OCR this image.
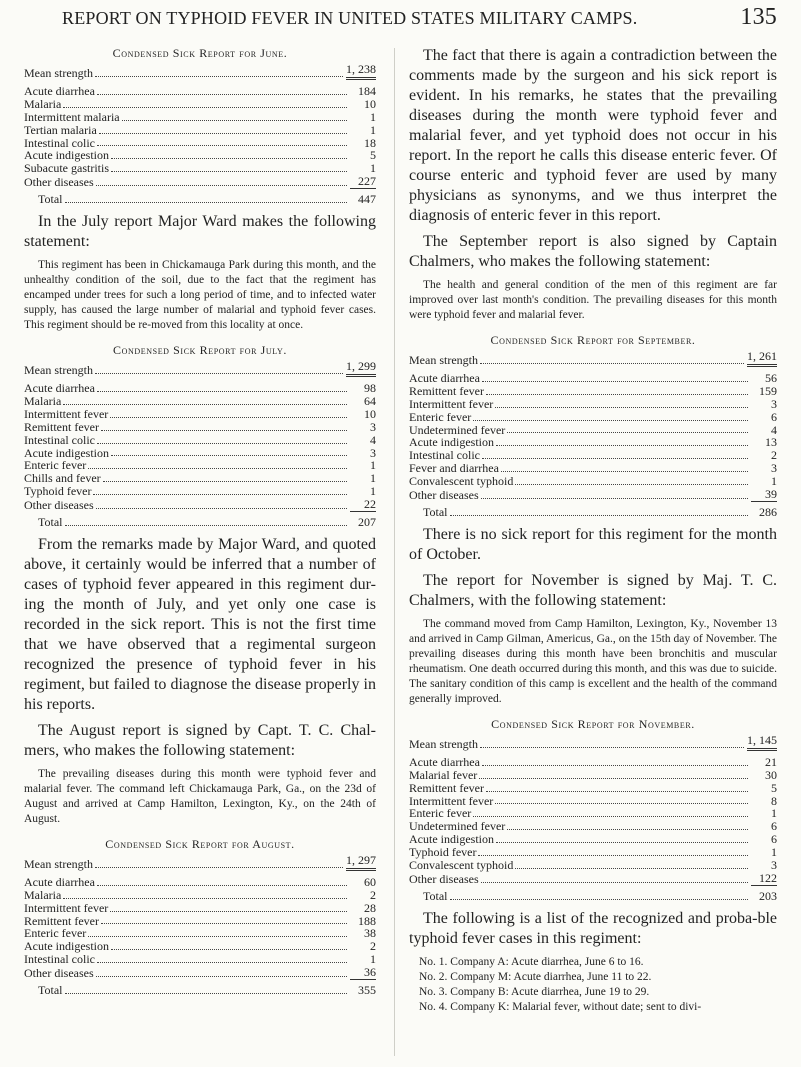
REPORT ON TYPHOID FEVER IN UNITED STATES MILITARY CAMPS.	135
Condensed Sick Report for June.
Mean strength	1, 238
Acute diarrhea	184
Malaria	10
Intermittent malaria	1
Tertian malaria	1
Intestinal colic	18
Acute indigestion	5
Subacute gastritis	1
Other diseases	227
Total	447

In the July report Major Ward makes the following statement:

This regiment has been in Chickamauga Park during this month, and the unhealthy condition of the soil, due to the fact that the regiment has encamped under trees for such a long period of time, and to infected water supply, has caused the large number of malarial and typhoid fever cases. This regiment should be re-moved from this locality at once.

Condensed Sick Report for July.
Mean strength	1, 299
Acute diarrhea	98
Malaria	64
Intermittent fever	10
Remittent fever	3
Intestinal colic	4
Acute indigestion	3
Enteric fever	1
Chills and fever	1
Typhoid fever	1
Other diseases	22
Total	207

From the remarks made by Major Ward, and quoted above, it certainly would be inferred that a number of cases of typhoid fever appeared in this regiment dur-ing the month of July, and yet only one case is recorded in the sick report. This is not the first time that we have observed that a regimental surgeon recognized the presence of typhoid fever in his regiment, but failed to diagnose the disease properly in his reports.

The August report is signed by Capt. T. C. Chal-mers, who makes the following statement:

The prevailing diseases during this month were typhoid fever and malarial fever. The command left Chickamauga Park, Ga., on the 23d of August and arrived at Camp Hamilton, Lexington, Ky., on the 24th of August.

Condensed Sick Report for August.
Mean strength	1, 297
Acute diarrhea	60
Malaria	2
Intermittent fever	28
Remittent fever	188
Enteric fever	38
Acute indigestion	2
Intestinal colic	1
Other diseases	36
Total	355

The fact that there is again a contradiction between the comments made by the surgeon and his sick report is evident. In his remarks, he states that the prevailing diseases during the month were typhoid fever and malarial fever, and yet typhoid does not occur in his report. In the report he calls this disease enteric fever. Of course enteric and typhoid fever are used by many physicians as synonyms, and we thus interpret the diagnosis of enteric fever in this report.

The September report is also signed by Captain Chalmers, who makes the following statement:

The health and general condition of the men of this regiment are far improved over last month's condition. The prevailing diseases for this month were typhoid fever and malarial fever.

Condensed Sick Report for September.
Mean strength	1, 261
Acute diarrhea	56
Remittent fever	159
Intermittent fever	3
Enteric fever	6
Undetermined fever	4
Acute indigestion	13
Intestinal colic	2
Fever and diarrhea	3
Convalescent typhoid	1
Other diseases	39
Total	286

There is no sick report for this regiment for the month of October.

The report for November is signed by Maj. T. C. Chalmers, with the following statement:

The command moved from Camp Hamilton, Lexington, Ky., November 13 and arrived in Camp Gilman, Americus, Ga., on the 15th day of November. The prevailing diseases during this month have been bronchitis and muscular rheumatism. One death occurred during this month, and this was due to suicide. The sanitary condition of this camp is excellent and the health of the command generally improved.

Condensed Sick Report for November.
Mean strength	1, 145
Acute diarrhea	21
Malarial fever	30
Remittent fever	5
Intermittent fever	8
Enteric fever	1
Undetermined fever	6
Acute indigestion	6
Typhoid fever	1
Convalescent typhoid	3
Other diseases	122
Total	203

The following is a list of the recognized and proba-ble typhoid fever cases in this regiment:

No. 1. Company A: Acute diarrhea, June 6 to 16.
No. 2. Company M: Acute diarrhea, June 11 to 22.
No. 3. Company B: Acute diarrhea, June 19 to 29.
No. 4. Company K: Malarial fever, without date; sent to divi-
